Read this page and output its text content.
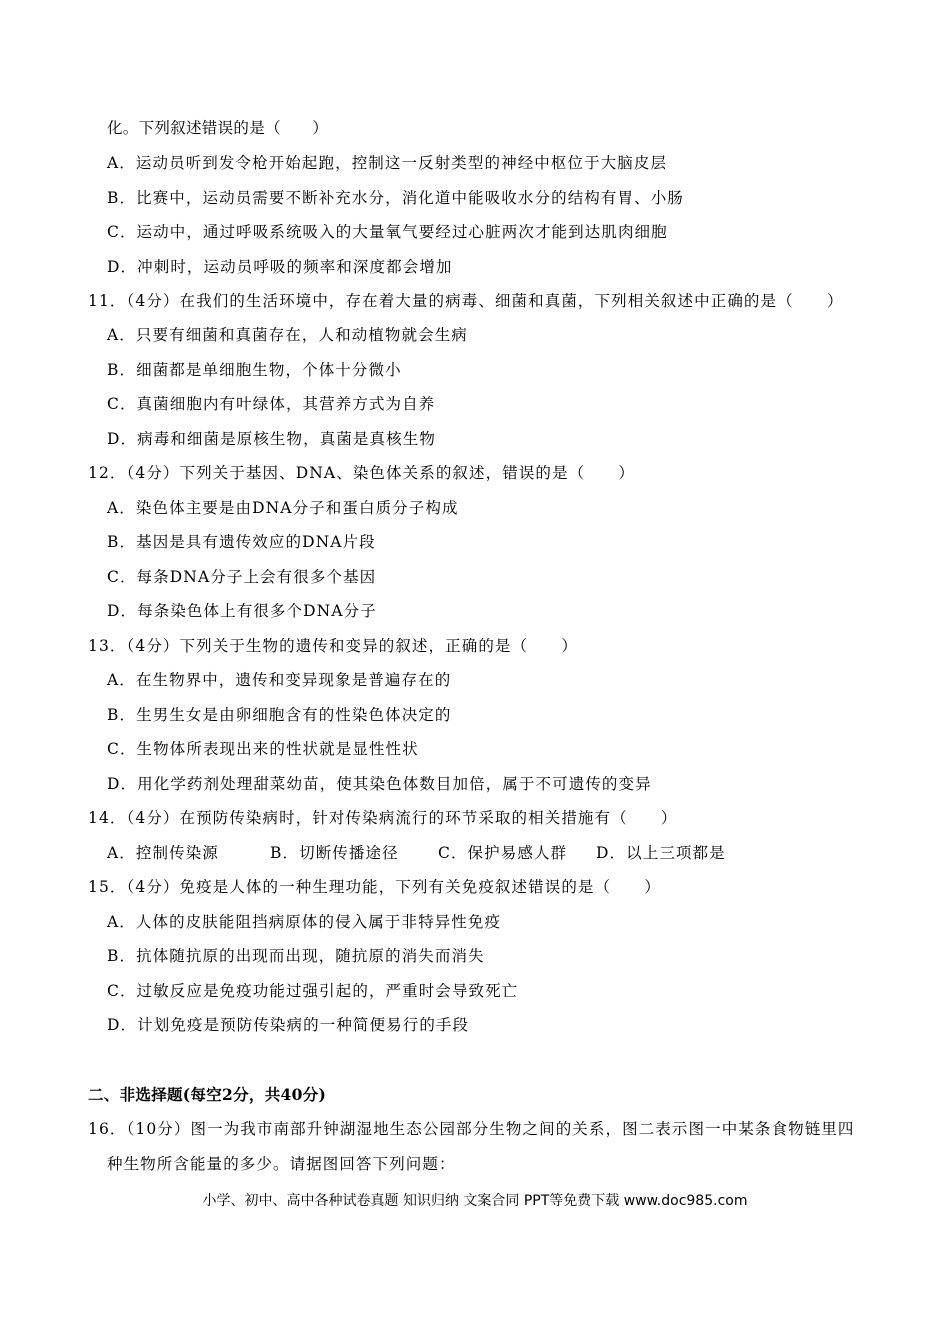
化。下列叙述错误的是（　　）
A．运动员听到发令枪开始起跑，控制这一反射类型的神经中枢位于大脑皮层
B．比赛中，运动员需要不断补充水分，消化道中能吸收水分的结构有胃、小肠
C．运动中，通过呼吸系统吸入的大量氧气要经过心脏两次才能到达肌肉细胞
D．冲刺时，运动员呼吸的频率和深度都会增加
11．（4分）在我们的生活环境中，存在着大量的病毒、细菌和真菌，下列相关叙述中正确的是（　　）
A．只要有细菌和真菌存在，人和动植物就会生病
B．细菌都是单细胞生物，个体十分微小
C．真菌细胞内有叶绿体，其营养方式为自养
D．病毒和细菌是原核生物，真菌是真核生物
12．（4分）下列关于基因、DNA、染色体关系的叙述，错误的是（　　）
A．染色体主要是由DNA分子和蛋白质分子构成
B．基因是具有遗传效应的DNA片段
C．每条DNA分子上会有很多个基因
D．每条染色体上有很多个DNA分子
13．（4分）下列关于生物的遗传和变异的叙述，正确的是（　　）
A．在生物界中，遗传和变异现象是普遍存在的
B．生男生女是由卵细胞含有的性染色体决定的
C．生物体所表现出来的性状就是显性性状
D．用化学药剂处理甜菜幼苗，使其染色体数目加倍，属于不可遗传的变异
14．（4分）在预防传染病时，针对传染病流行的环节采取的相关措施有（　　）
A．控制传染源	B．切断传播途径	C．保护易感人群 D．以上三项都是
15．（4分）免疫是人体的一种生理功能，下列有关免疫叙述错误的是（　　）
A．人体的皮肤能阻挡病原体的侵入属于非特异性免疫
B．抗体随抗原的出现而出现，随抗原的消失而消失
C．过敏反应是免疫功能过强引起的，严重时会导致死亡
D．计划免疫是预防传染病的一种简便易行的手段
二、非选择题(每空2分，共40分)
16．（10分）图一为我市南部升钟湖湿地生态公园部分生物之间的关系，图二表示图一中某条食物链里四
种生物所含能量的多少。请据图回答下列问题：
小学、初中、高中各种试卷真题 知识归纳 文案合同 PPT等免费下载 www.doc985.com
